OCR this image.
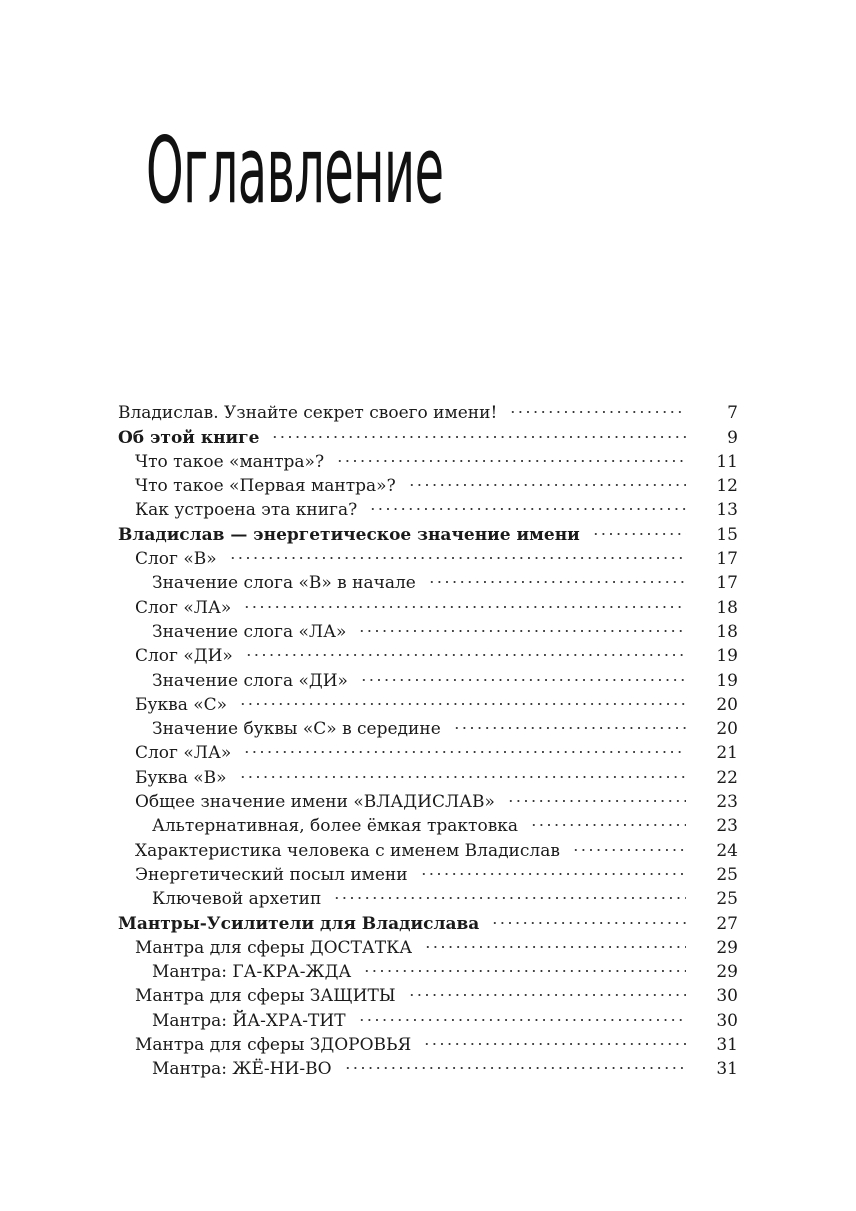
Оглавление
Владислав. Узнайте секрет своего имени!	7
Об этой книге	9
Что такое «мантра»?	11
Что такое «Первая мантра»?	12
Как устроена эта книга?	13
Владислав — энергетическое значение имени	15
Слог «В»	17
Значение слога «В» в начале	17
Слог «ЛА»	18
Значение слога «ЛА»	18
Слог «ДИ»	19
Значение слога «ДИ»	19
Буква «С»	20
Значение буквы «С» в середине	20
Слог «ЛА»	21
Буква «В»	22
Общее значение имени «ВЛАДИСЛАВ»	23
Альтернативная, более ёмкая трактовка	23
Характеристика человека с именем Владислав	24
Энергетический посыл имени	25
Ключевой архетип	25
Мантры-Усилители для Владислава	27
Мантра для сферы ДОСТАТКА	29
Мантра: ГА-КРА-ЖДА	29
Мантра для сферы ЗАЩИТЫ	30
Мантра: ЙА-ХРА-ТИТ	30
Мантра для сферы ЗДОРОВЬЯ	31
Мантра: ЖЁ-НИ-ВО	31
